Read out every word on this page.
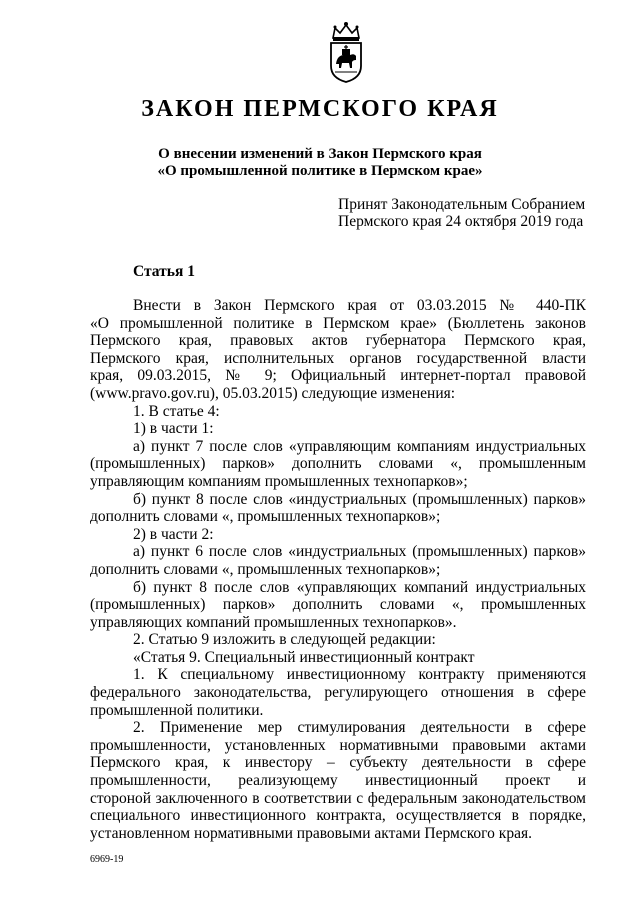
ЗАКОН ПЕРМСКОГО КРАЯ
О внесении изменений в Закон Пермского края
«О промышленной политике в Пермском крае»
Принят Законодательным Собранием
Пермского края 24 октября 2019 года
Статья 1
Внести в Закон Пермского края от 03.03.2015 № 440-ПК
«О промышленной политике в Пермском крае» (Бюллетень законов
Пермского края, правовых актов губернатора Пермского края,
Пермского края, исполнительных органов государственной власти
края, 09.03.2015, № 9; Официальный интернет-портал правовой
(www.pravo.gov.ru), 05.03.2015) следующие изменения:
1. В статье 4:
1) в части 1:
а) пункт 7 после слов «управляющим компаниям индустриальных
(промышленных) парков» дополнить словами «, промышленным
управляющим компаниям промышленных технопарков»;
б) пункт 8 после слов «индустриальных (промышленных) парков»
дополнить словами «, промышленных технопарков»;
2) в части 2:
а) пункт 6 после слов «индустриальных (промышленных) парков»
дополнить словами «, промышленных технопарков»;
б) пункт 8 после слов «управляющих компаний индустриальных
(промышленных) парков» дополнить словами «, промышленных
управляющих компаний промышленных технопарков».
2. Статью 9 изложить в следующей редакции:
«Статья 9. Специальный инвестиционный контракт
1. К специальному инвестиционному контракту применяются
федерального законодательства, регулирующего отношения в сфере
промышленной политики.
2. Применение мер стимулирования деятельности в сфере
промышленности, установленных нормативными правовыми актами
Пермского края, к инвестору – субъекту деятельности в сфере
промышленности, реализующему инвестиционный проект и
стороной заключенного в соответствии с федеральным законодательством
специального инвестиционного контракта, осуществляется в порядке,
установленном нормативными правовыми актами Пермского края.
6969-19
